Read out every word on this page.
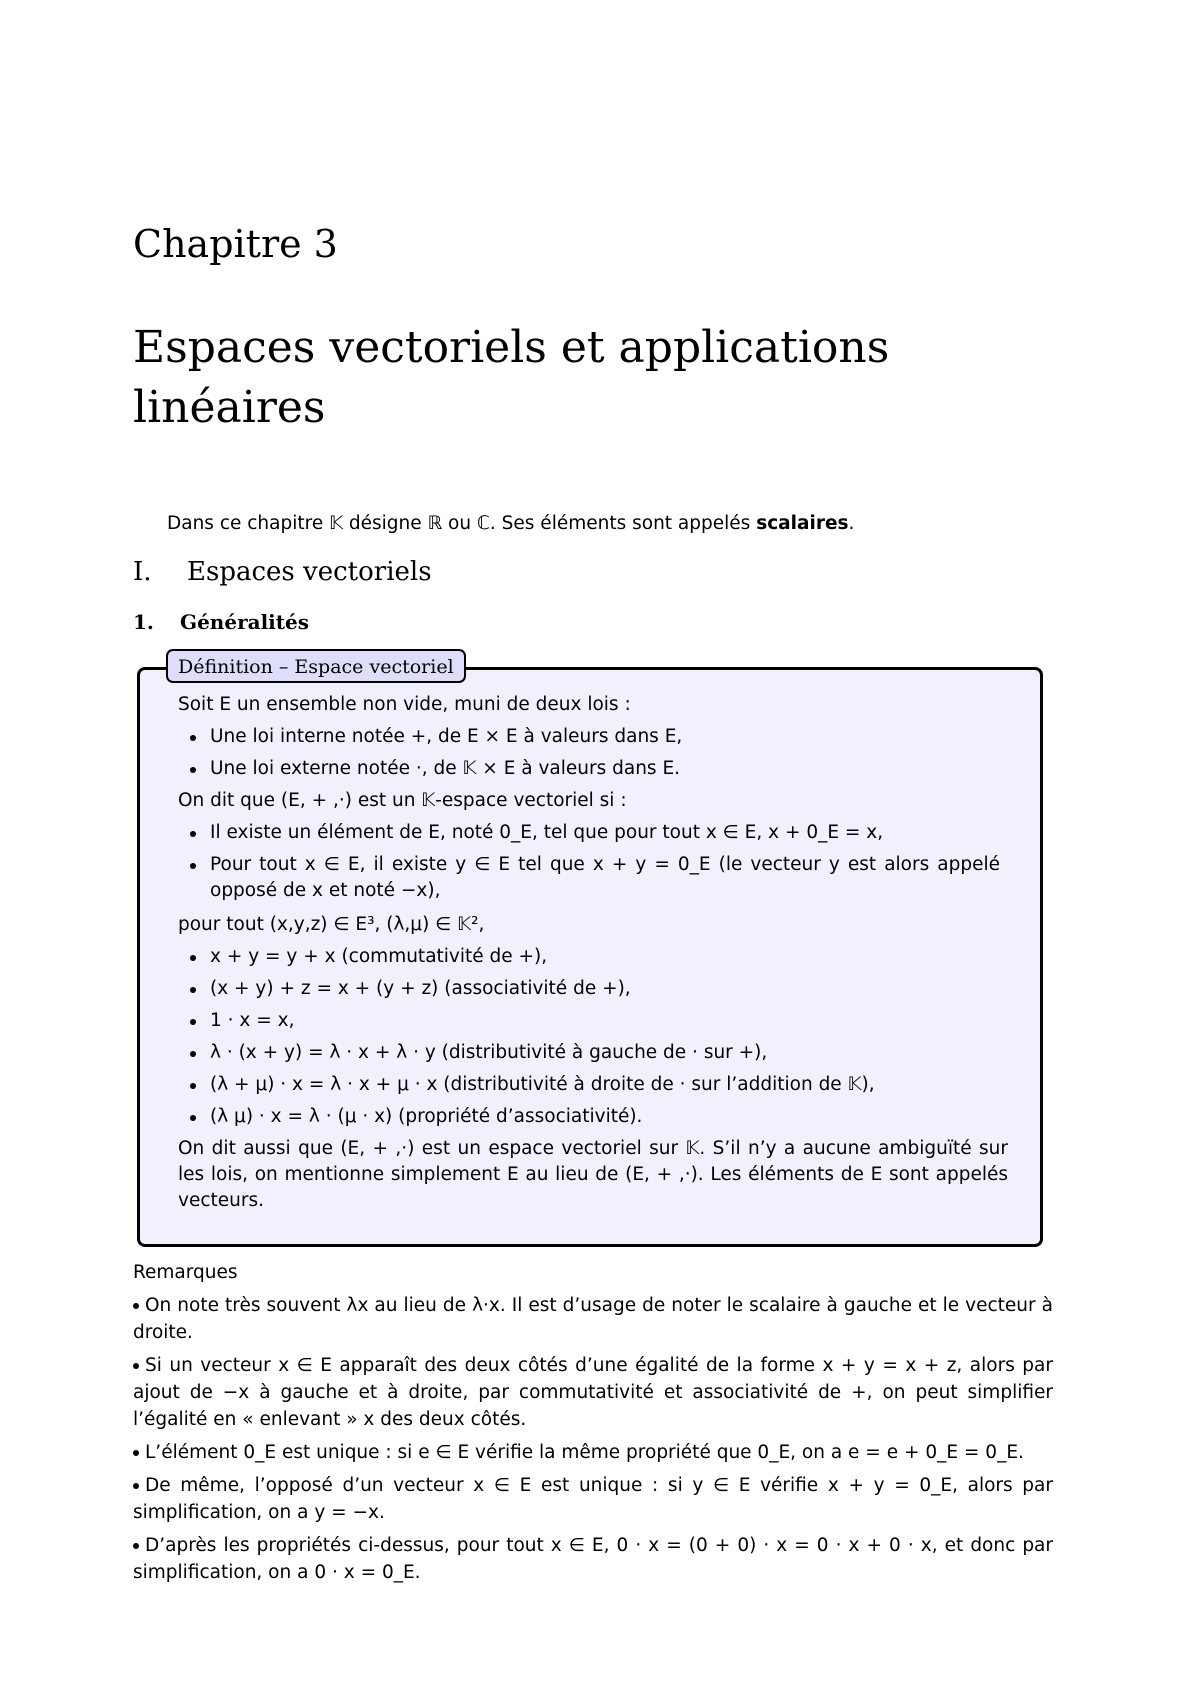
Chapitre 3
Espaces vectoriels et applications linéaires
Dans ce chapitre 𝕂 désigne ℝ ou ℂ. Ses éléments sont appelés scalaires.
I. Espaces vectoriels
1. Généralités
Définition – Espace vectoriel
Soit E un ensemble non vide, muni de deux lois :
Une loi interne notée +, de E × E à valeurs dans E,
Une loi externe notée ·, de 𝕂 × E à valeurs dans E.
On dit que (E, + ,·) est un 𝕂-espace vectoriel si :
Il existe un élément de E, noté 0_E, tel que pour tout x ∈ E, x + 0_E = x,
Pour tout x ∈ E, il existe y ∈ E tel que x + y = 0_E (le vecteur y est alors appelé opposé de x et noté −x),
pour tout (x,y,z) ∈ E³, (λ,μ) ∈ 𝕂²,
x + y = y + x (commutativité de +),
(x + y) + z = x + (y + z) (associativité de +),
1 · x = x,
λ · (x + y) = λ · x + λ · y (distributivité à gauche de · sur +),
(λ + μ) · x = λ · x + μ · x (distributivité à droite de · sur l’addition de 𝕂),
(λ μ) · x = λ · (μ · x) (propriété d’associativité).
On dit aussi que (E, + ,·) est un espace vectoriel sur 𝕂. S’il n’y a aucune ambiguïté sur les lois, on mentionne simplement E au lieu de (E, + ,·). Les éléments de E sont appelés vecteurs.
Remarques
On note très souvent λx au lieu de λ·x. Il est d’usage de noter le scalaire à gauche et le vecteur à droite.
Si un vecteur x ∈ E apparaît des deux côtés d’une égalité de la forme x + y = x + z, alors par ajout de −x à gauche et à droite, par commutativité et associativité de +, on peut simplifier l’égalité en « enlevant » x des deux côtés.
L’élément 0_E est unique : si e ∈ E vérifie la même propriété que 0_E, on a e = e + 0_E = 0_E.
De même, l’opposé d’un vecteur x ∈ E est unique : si y ∈ E vérifie x + y = 0_E, alors par simplification, on a y = −x.
D’après les propriétés ci-dessus, pour tout x ∈ E, 0 · x = (0 + 0) · x = 0 · x + 0 · x, et donc par simplification, on a 0 · x = 0_E.
